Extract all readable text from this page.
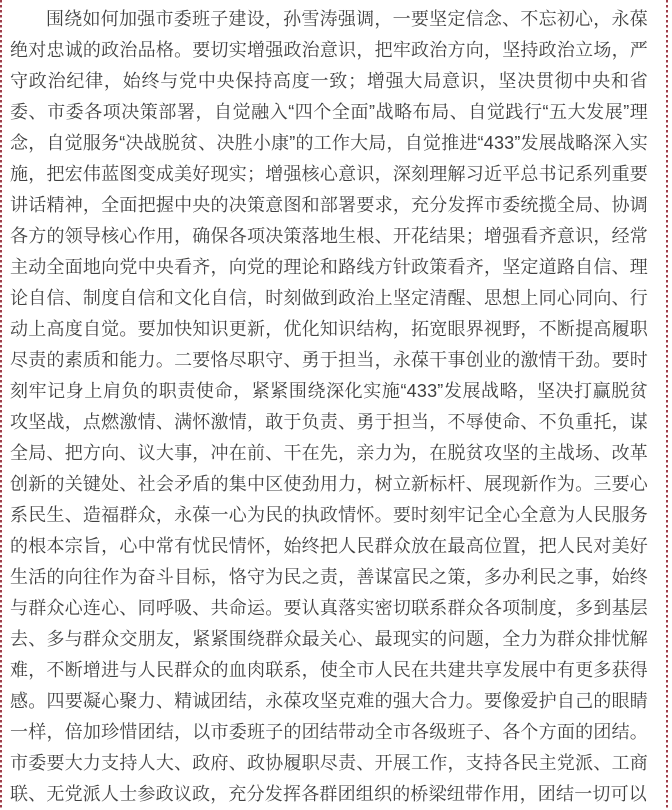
围绕如何加强市委班子建设，孙雪涛强调，一要坚定信念、不忘初心，永葆绝对忠诚的政治品格。要切实增强政治意识，把牢政治方向，坚持政治立场，严守政治纪律，始终与党中央保持高度一致；增强大局意识，坚决贯彻中央和省委、市委各项决策部署，自觉融入“四个全面”战略布局、自觉践行“五大发展”理念，自觉服务“决战脱贫、决胜小康”的工作大局，自觉推进“433”发展战略深入实施，把宏伟蓝图变成美好现实；增强核心意识，深刻理解习近平总书记系列重要讲话精神，全面把握中央的决策意图和部署要求，充分发挥市委统揽全局、协调各方的领导核心作用，确保各项决策落地生根、开花结果；增强看齐意识，经常主动全面地向党中央看齐，向党的理论和路线方针政策看齐，坚定道路自信、理论自信、制度自信和文化自信，时刻做到政治上坚定清醒、思想上同心同向、行动上高度自觉。要加快知识更新，优化知识结构，拓宽眼界视野，不断提高履职尽责的素质和能力。二要恪尽职守、勇于担当，永葆干事创业的激情干劲。要时刻牢记身上肩负的职责使命，紧紧围绕深化实施“433”发展战略，坚决打赢脱贫攻坚战，点燃激情、满怀激情，敢于负责、勇于担当，不辱使命、不负重托，谋全局、把方向、议大事，冲在前、干在先，亲力为，在脱贫攻坚的主战场、改革创新的关键处、社会矛盾的集中区使劲用力，树立新标杆、展现新作为。三要心系民生、造福群众，永葆一心为民的执政情怀。要时刻牢记全心全意为人民服务的根本宗旨，心中常有忧民情怀，始终把人民群众放在最高位置，把人民对美好生活的向往作为奋斗目标，恪守为民之责，善谋富民之策，多办利民之事，始终与群众心连心、同呼吸、共命运。要认真落实密切联系群众各项制度，多到基层去、多与群众交朋友，紧紧围绕群众最关心、最现实的问题，全力为群众排忧解难，不断增进与人民群众的血肉联系，使全市人民在共建共享发展中有更多获得感。四要凝心聚力、精诚团结，永葆攻坚克难的强大合力。要像爱护自己的眼睛一样，倍加珍惜团结，以市委班子的团结带动全市各级班子、各个方面的团结。市委要大力支持人大、政府、政协履职尽责、开展工作，支持各民主党派、工商联、无党派人士参政议政，充分发挥各群团组织的桥梁纽带作用，团结一切可以
